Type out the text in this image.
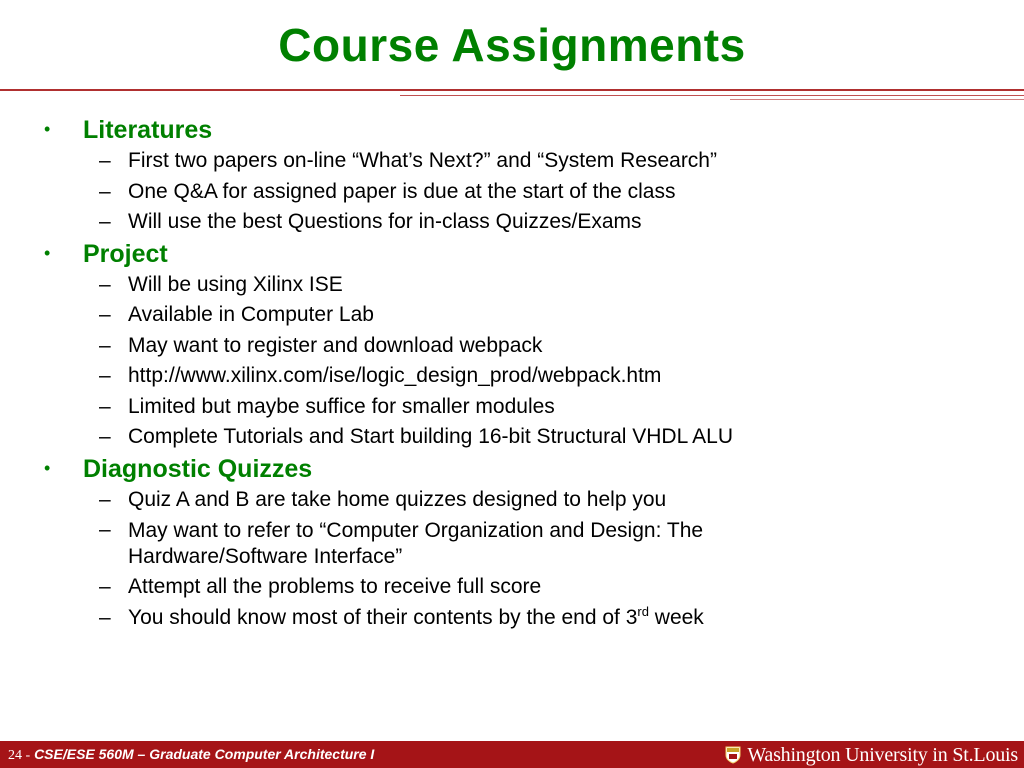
Course Assignments
• Literatures
– First two papers on-line “What’s Next?” and “System Research”
– One Q&A for assigned paper is due at the start of the class
– Will use the best Questions for in-class Quizzes/Exams
• Project
– Will be using Xilinx ISE
– Available in Computer Lab
– May want to register and download webpack
– http://www.xilinx.com/ise/logic_design_prod/webpack.htm
– Limited but maybe suffice for smaller modules
– Complete Tutorials and Start building 16-bit Structural VHDL ALU
• Diagnostic Quizzes
– Quiz A and B are take home quizzes designed to help you
– May want to refer to “Computer Organization and Design: The Hardware/Software Interface”
– Attempt all the problems to receive full score
– You should know most of their contents by the end of 3rd week
24 - CSE/ESE 560M – Graduate Computer Architecture I	Washington University in St.Louis
